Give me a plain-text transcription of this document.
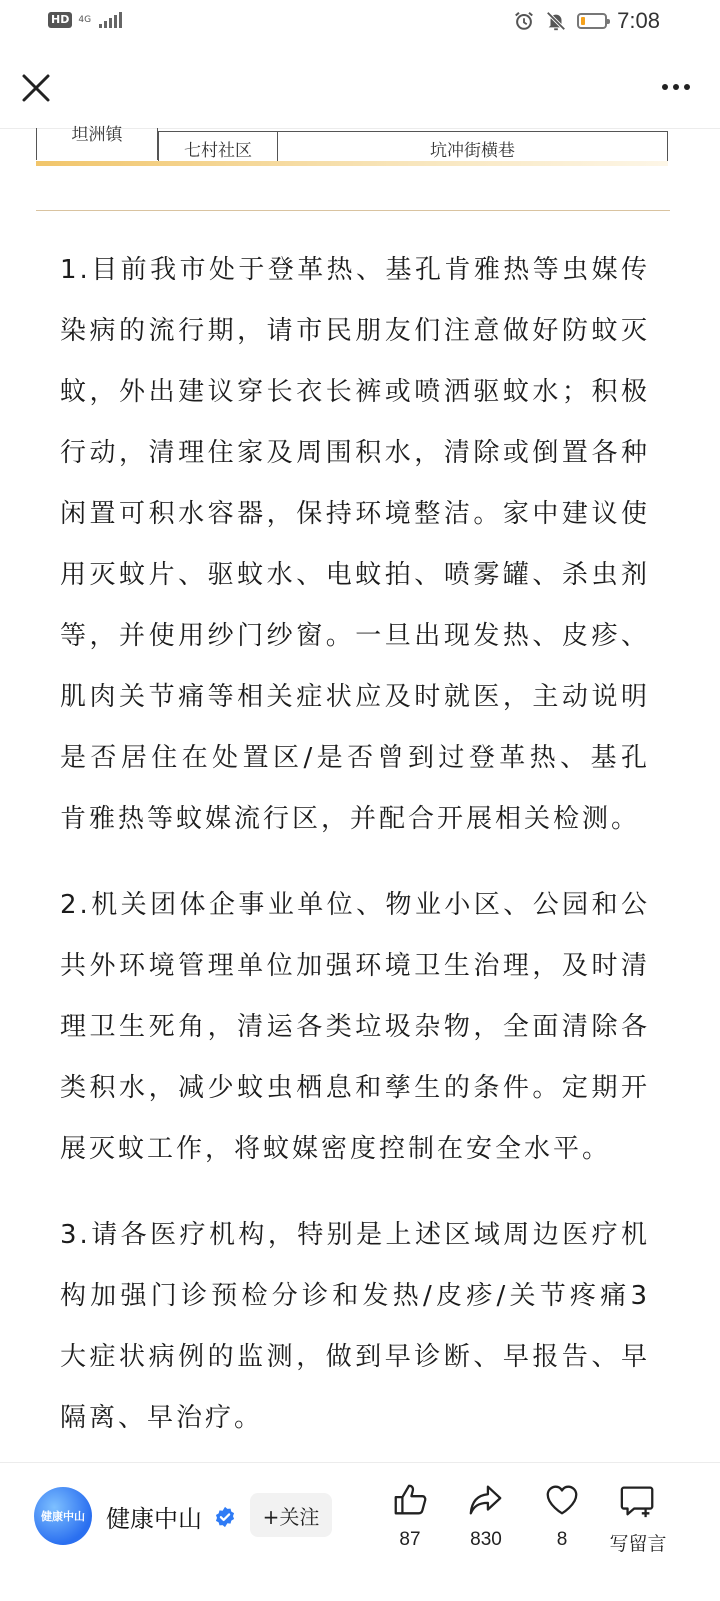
HD	4G	7:08
坦洲镇
七村社区	坑冲街横巷

1.目前我市处于登革热、基孔肯雅热等虫媒传染病的流行期，请市民朋友们注意做好防蚊灭蚊，外出建议穿长衣长裤或喷洒驱蚊水；积极行动，清理住家及周围积水，清除或倒置各种闲置可积水容器，保持环境整洁。家中建议使用灭蚊片、驱蚊水、电蚊拍、喷雾罐、杀虫剂等，并使用纱门纱窗。一旦出现发热、皮疹、肌肉关节痛等相关症状应及时就医，主动说明是否居住在处置区/是否曾到过登革热、基孔肯雅热等蚊媒流行区，并配合开展相关检测。

2.机关团体企事业单位、物业小区、公园和公共外环境管理单位加强环境卫生治理，及时清理卫生死角，清运各类垃圾杂物，全面清除各类积水，减少蚊虫栖息和孳生的条件。定期开展灭蚊工作，将蚊媒密度控制在安全水平。

3.请各医疗机构，特别是上述区域周边医疗机构加强门诊预检分诊和发热/皮疹/关节疼痛3大症状病例的监测，做到早诊断、早报告、早隔离、早治疗。

健康中山 健康中山	+关注
87	830	8 写留言
